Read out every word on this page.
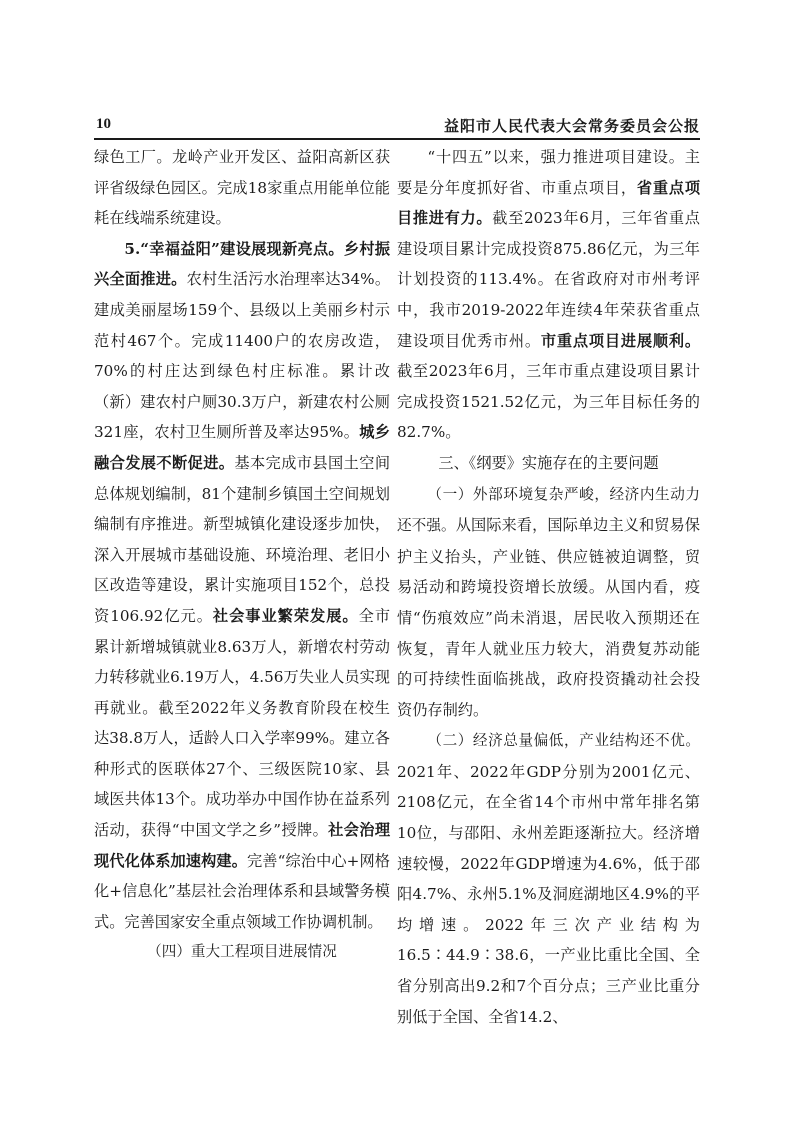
10	益阳市人民代表大会常务委员会公报

绿色工厂。龙岭产业开发区、益阳高新区获评省级绿色园区。完成18家重点用能单位能耗在线端系统建设。

5.“幸福益阳”建设展现新亮点。乡村振兴全面推进。农村生活污水治理率达34%。建成美丽屋场159个、县级以上美丽乡村示范村467个。完成11400户的农房改造，70%的村庄达到绿色村庄标准。累计改（新）建农村户厕30.3万户，新建农村公厕321座，农村卫生厕所普及率达95%。城乡融合发展不断促进。基本完成市县国土空间总体规划编制，81个建制乡镇国土空间规划编制有序推进。新型城镇化建设逐步加快，深入开展城市基础设施、环境治理、老旧小区改造等建设，累计实施项目152个，总投资106.92亿元。社会事业繁荣发展。全市累计新增城镇就业8.63万人，新增农村劳动力转移就业6.19万人，4.56万失业人员实现再就业。截至2022年义务教育阶段在校生达38.8万人，适龄人口入学率99%。建立各种形式的医联体27个、三级医院10家、县域医共体13个。成功举办中国作协在益系列活动，获得“中国文学之乡”授牌。社会治理现代化体系加速构建。完善“综治中心+网格化+信息化”基层社会治理体系和县域警务模式。完善国家安全重点领域工作协调机制。

（四）重大工程项目进展情况

“十四五”以来，强力推进项目建设。主要是分年度抓好省、市重点项目，省重点项目推进有力。截至2023年6月，三年省重点建设项目累计完成投资875.86亿元，为三年计划投资的113.4%。在省政府对市州考评中，我市2019-2022年连续4年荣获省重点建设项目优秀市州。市重点项目进展顺利。截至2023年6月，三年市重点建设项目累计完成投资1521.52亿元，为三年目标任务的82.7%。

三、《纲要》实施存在的主要问题

（一）外部环境复杂严峻，经济内生动力还不强。从国际来看，国际单边主义和贸易保护主义抬头，产业链、供应链被迫调整，贸易活动和跨境投资增长放缓。从国内看，疫情“伤痕效应”尚未消退，居民收入预期还在恢复，青年人就业压力较大，消费复苏动能的可持续性面临挑战，政府投资撬动社会投资仍存制约。

（二）经济总量偏低，产业结构还不优。2021年、2022年GDP分别为2001亿元、2108亿元，在全省14个市州中常年排名第10位，与邵阳、永州差距逐渐拉大。经济增速较慢，2022年GDP增速为4.6%，低于邵阳4.7%、永州5.1%及洞庭湖地区4.9%的平均增速。2022年三次产业结构为16.5∶44.9∶38.6，一产业比重比全国、全省分别高出9.2和7个百分点；三产业比重分别低于全国、全省14.2、
